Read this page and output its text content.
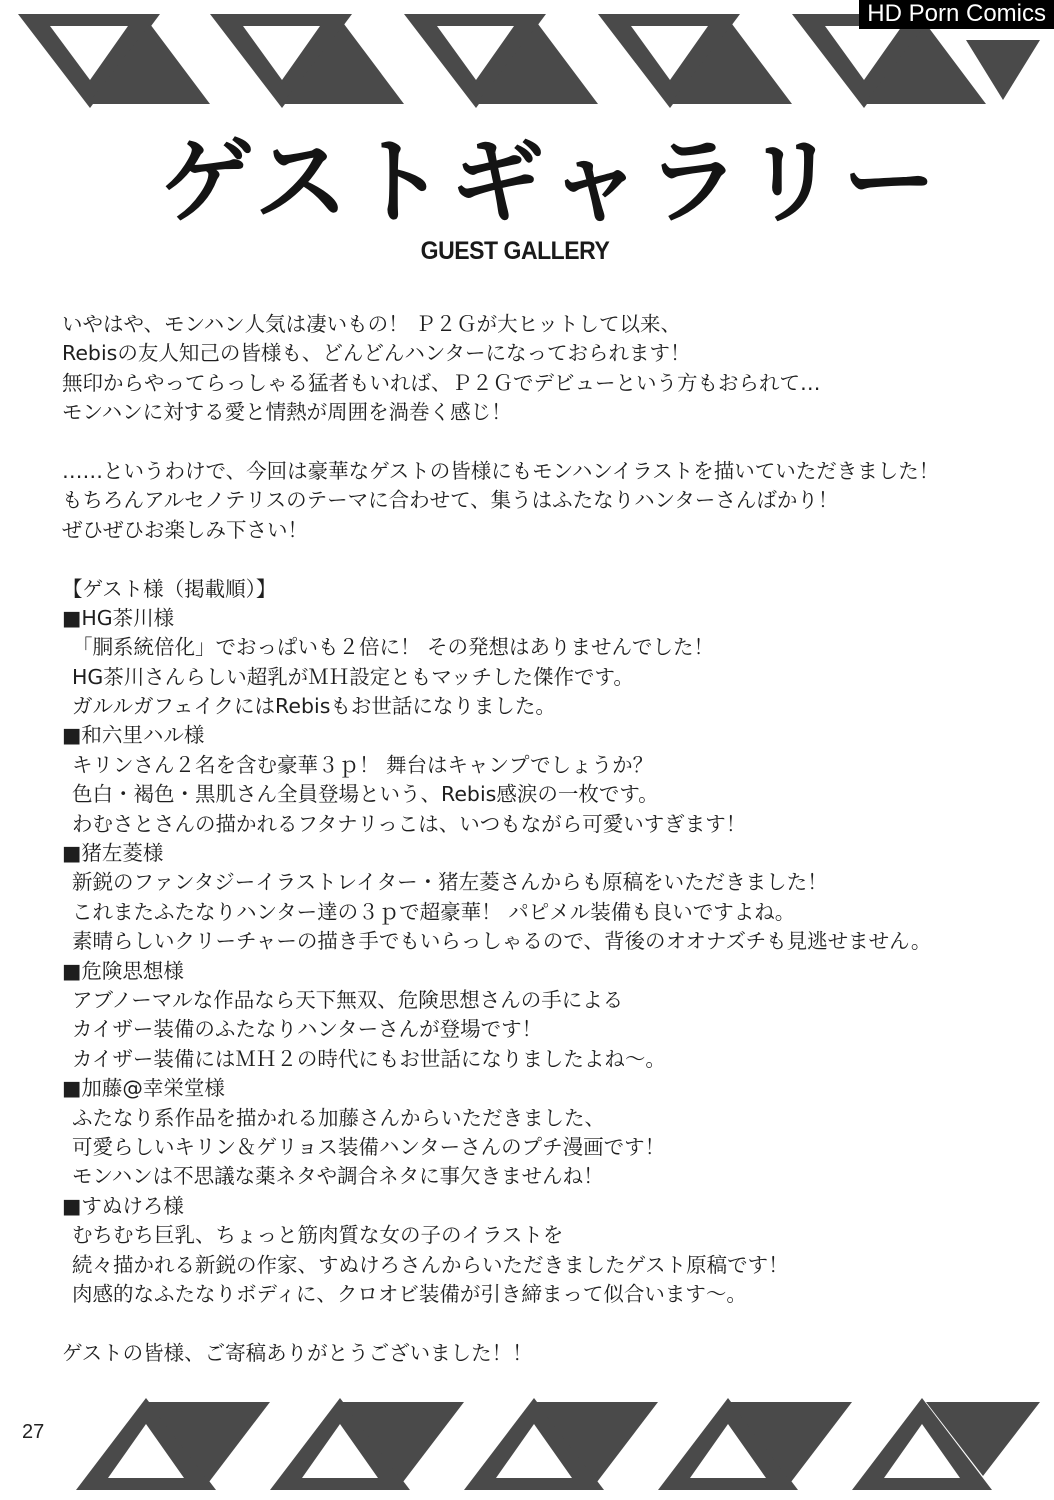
HD Porn Comics
ゲストギャラリー
GUEST GALLERY
いやはや、モンハン人気は凄いもの！ Ｐ２Ｇが大ヒットして以来、
Rebisの友人知己の皆様も、どんどんハンターになっておられます！
無印からやってらっしゃる猛者もいれば、Ｐ２Ｇでデビューという方もおられて…
モンハンに対する愛と情熱が周囲を渦巻く感じ！
……というわけで、今回は豪華なゲストの皆様にもモンハンイラストを描いていただきました！
もちろんアルセノテリスのテーマに合わせて、集うはふたなりハンターさんばかり！
ぜひぜひお楽しみ下さい！
【ゲスト様（掲載順）】
■HG茶川様
「胴系統倍化」でおっぱいも２倍に！ その発想はありませんでした！
HG茶川さんらしい超乳がＭＨ設定ともマッチした傑作です。
ガルルガフェイクにはRebisもお世話になりました。
■和六里ハル様
キリンさん２名を含む豪華３ｐ！ 舞台はキャンプでしょうか？
色白・褐色・黒肌さん全員登場という、Rebis感涙の一枚です。
わむさとさんの描かれるフタナリっこは、いつもながら可愛いすぎます！
■猪左菱様
新鋭のファンタジーイラストレイター・猪左菱さんからも原稿をいただきました！
これまたふたなりハンター達の３ｐで超豪華！ パピメル装備も良いですよね。
素晴らしいクリーチャーの描き手でもいらっしゃるので、背後のオオナズチも見逃せません。
■危険思想様
アブノーマルな作品なら天下無双、危険思想さんの手による
カイザー装備のふたなりハンターさんが登場です！
カイザー装備にはＭＨ２の時代にもお世話になりましたよね〜。
■加藤@幸栄堂様
ふたなり系作品を描かれる加藤さんからいただきました、
可愛らしいキリン＆ゲリョス装備ハンターさんのプチ漫画です！
モンハンは不思議な薬ネタや調合ネタに事欠きませんね！
■すぬけろ様
むちむち巨乳、ちょっと筋肉質な女の子のイラストを
続々描かれる新鋭の作家、すぬけろさんからいただきましたゲスト原稿です！
肉感的なふたなりボディに、クロオビ装備が引き締まって似合います〜。
ゲストの皆様、ご寄稿ありがとうございました！！
27
